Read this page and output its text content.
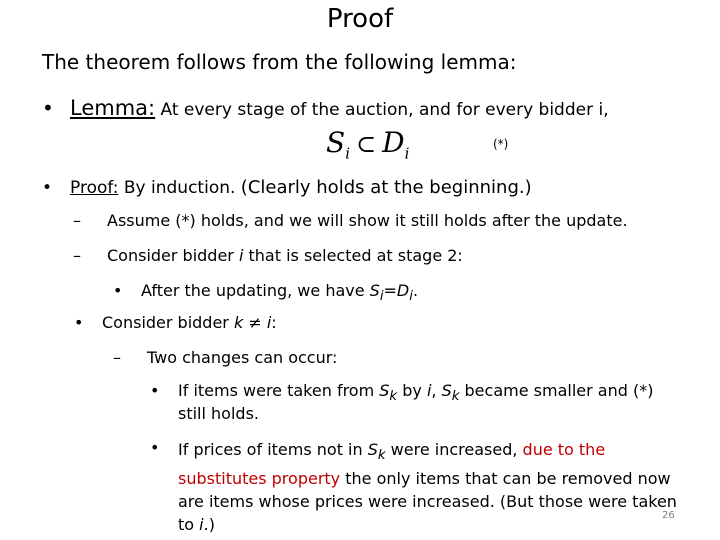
Proof
The theorem follows from the following lemma:
• Lemma: At every stage of the auction, and for every bidder i,
$S_i$ ⊂ $D_i$
(*)
• Proof: By induction. (Clearly holds at the beginning.)
– Assume (*) holds, and we will show it still holds after the update.
– Consider bidder i that is selected at stage 2:
• After the updating, we have $S_i=D_i$.
• Consider bidder k ≠ i:
– Two changes can occur:
• If items were taken from $S_k$ by i, $S_k$ became smaller and (*)
still holds.
• If prices of items not in $S_k$ were increased, due to the substitutes property the only items that can be removed now are items whose prices were increased. (But those were taken to i.)	26
